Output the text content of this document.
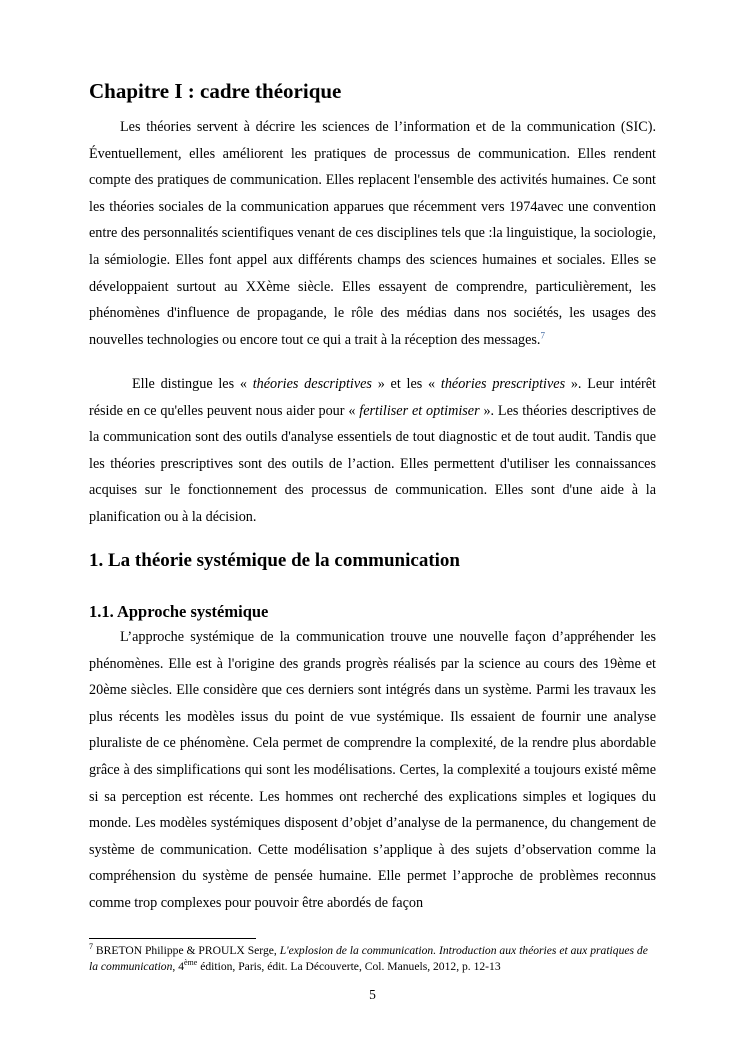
Chapitre I : cadre théorique

Les théories servent à décrire les sciences de l’information et de la communication (SIC). Éventuellement, elles améliorent les pratiques de processus de communication. Elles rendent compte des pratiques de communication. Elles replacent l'ensemble des activités humaines. Ce sont les théories sociales de la communication apparues que récemment vers 1974avec une convention entre des personnalités scientifiques venant de ces disciplines tels que :la linguistique, la sociologie, la sémiologie. Elles font appel aux différents champs des sciences humaines et sociales. Elles se développaient surtout au XXème siècle. Elles essayent de comprendre, particulièrement, les phénomènes d'influence de propagande, le rôle des médias dans nos sociétés, les usages des nouvelles technologies ou encore tout ce qui a trait à la réception des messages.$^7$

Elle distingue les « théories descriptives » et les « théories prescriptives ». Leur intérêt réside en ce qu'elles peuvent nous aider pour « fertiliser et optimiser ». Les théories descriptives de la communication sont des outils d'analyse essentiels de tout diagnostic et de tout audit. Tandis que les théories prescriptives sont des outils de l’action. Elles permettent d'utiliser les connaissances acquises sur le fonctionnement des processus de communication. Elles sont d'une aide à la planification ou à la décision.

1. La théorie systémique de la communication
1.1. Approche systémique

L’approche systémique de la communication trouve une nouvelle façon d’appréhender les phénomènes. Elle est à l'origine des grands progrès réalisés par la science au cours des 19ème et 20ème siècles. Elle considère que ces derniers sont intégrés dans un système. Parmi les travaux les plus récents les modèles issus du point de vue systémique. Ils essaient de fournir une analyse pluraliste de ce phénomène. Cela permet de comprendre la complexité, de la rendre plus abordable grâce à des simplifications qui sont les modélisations. Certes, la complexité a toujours existé même si sa perception est récente. Les hommes ont recherché des explications simples et logiques du monde. Les modèles systémiques disposent d’objet d’analyse de la permanence, du changement de système de communication. Cette modélisation s’applique à des sujets d’observation comme la compréhension du système de pensée humaine. Elle permet l’approche de problèmes reconnus comme trop complexes pour pouvoir être abordés de façon

$^7$ BRETON Philippe & PROULX Serge, L'explosion de la communication. Introduction aux théories et aux pratiques de la communication, 4ème édition, Paris, édit. La Découverte, Col. Manuels, 2012, p. 12-13

5
